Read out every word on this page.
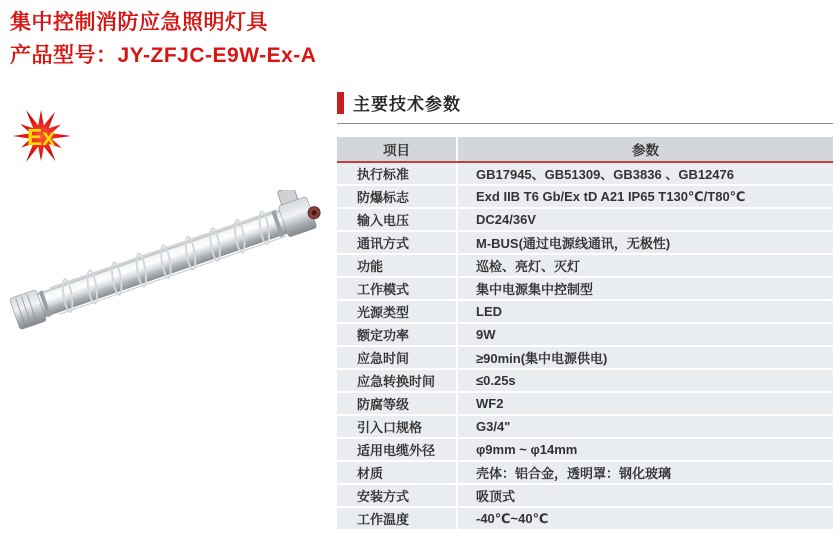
集中控制消防应急照明灯具
产品型号：JY-ZFJC-E9W-Ex-A
Ex
主要技术参数
项目	参数
执行标准	GB17945、GB51309、GB3836 、GB12476
防爆标志	Exd IIB T6 Gb/Ex tD A21 IP65 T130℃/T80℃
输入电压	DC24/36V
通讯方式	M-BUS(通过电源线通讯，无极性)
功能	巡检、亮灯、灭灯
工作模式	集中电源集中控制型
光源类型	LED
额定功率	9W
应急时间	≥90min(集中电源供电)
应急转换时间	≤0.25s
防腐等级	WF2
引入口规格	G3/4"
适用电缆外径	φ9mm ~ φ14mm
材质	壳体：铝合金，透明罩：钢化玻璃
安装方式	吸顶式
工作温度	-40℃~40℃
